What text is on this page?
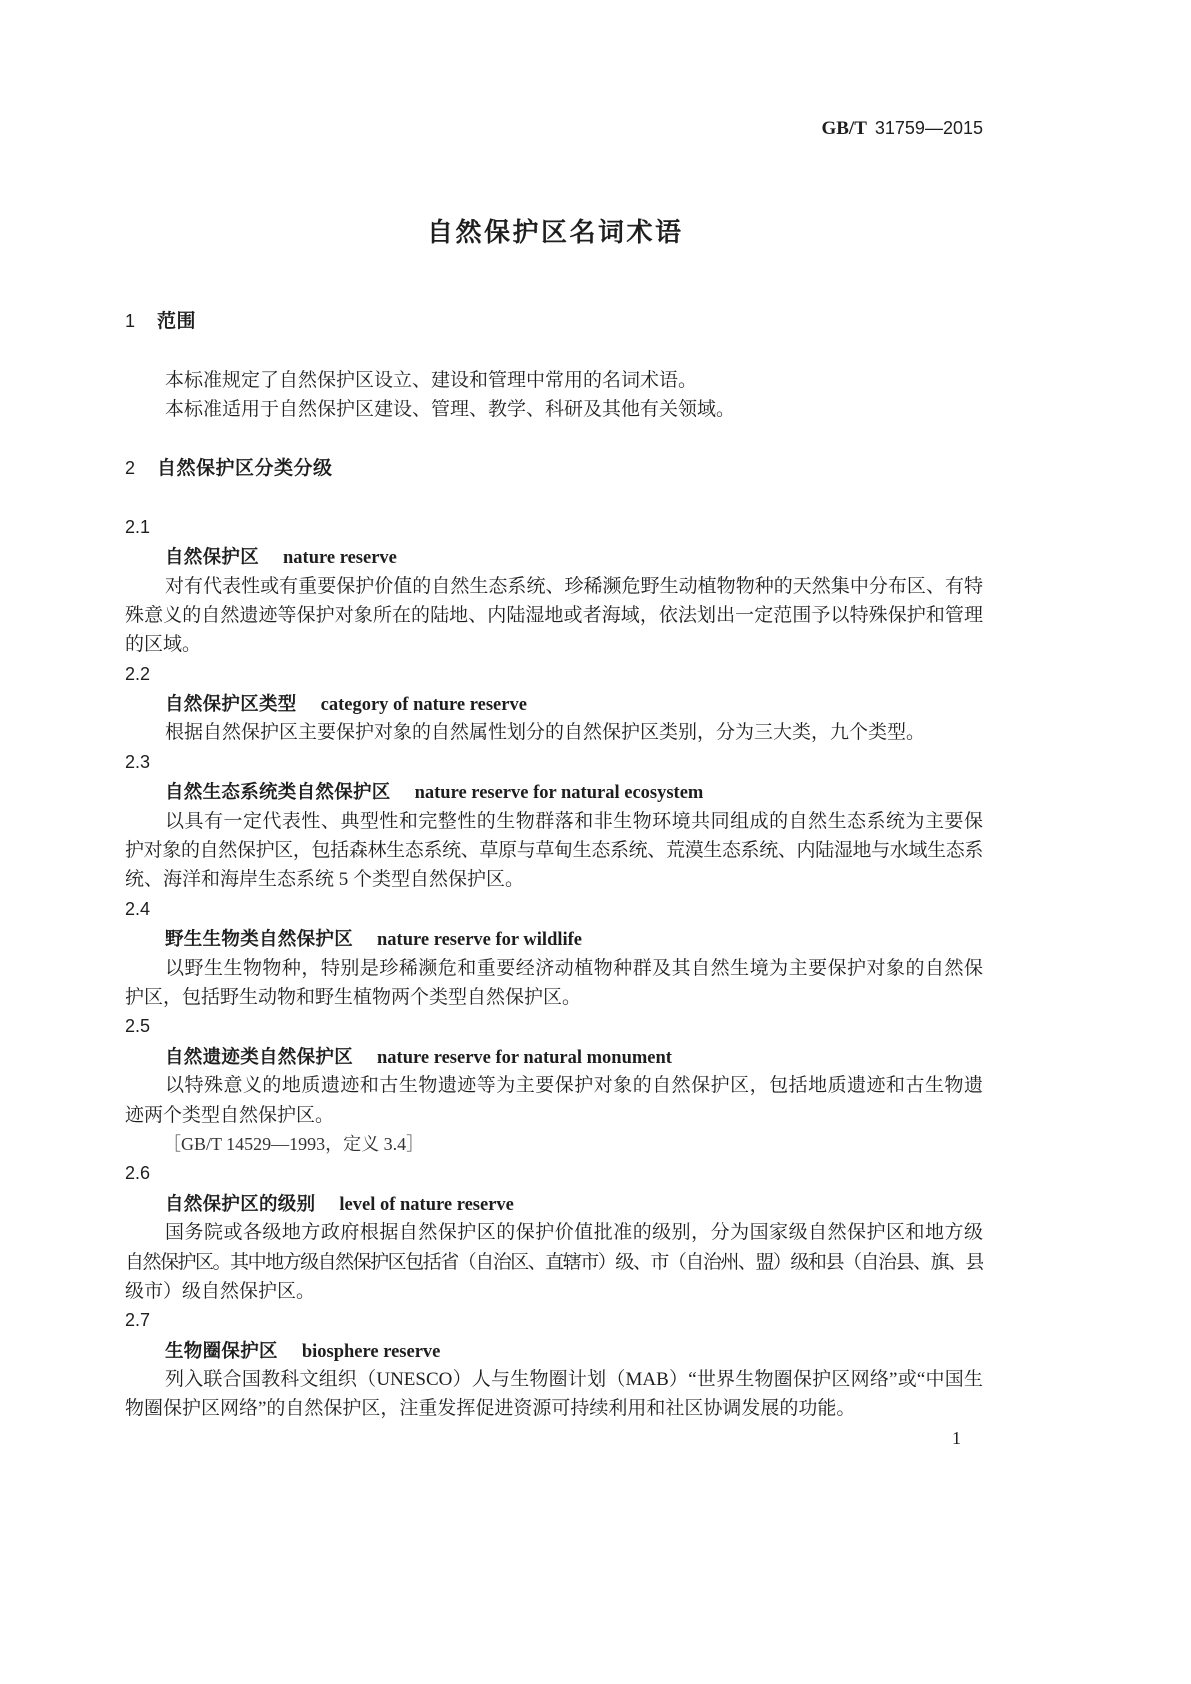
GB/T 31759—2015
自然保护区名词术语
1 范围
本标准规定了自然保护区设立、建设和管理中常用的名词术语。
本标准适用于自然保护区建设、管理、教学、科研及其他有关领域。
2 自然保护区分类分级
2.1
自然保护区 nature reserve
对有代表性或有重要保护价值的自然生态系统、珍稀濒危野生动植物物种的天然集中分布区、有特
殊意义的自然遗迹等保护对象所在的陆地、内陆湿地或者海域，依法划出一定范围予以特殊保护和管理
的区域。
2.2
自然保护区类型 category of nature reserve
根据自然保护区主要保护对象的自然属性划分的自然保护区类别，分为三大类，九个类型。
2.3
自然生态系统类自然保护区 nature reserve for natural ecosystem
以具有一定代表性、典型性和完整性的生物群落和非生物环境共同组成的自然生态系统为主要保
护对象的自然保护区，包括森林生态系统、草原与草甸生态系统、荒漠生态系统、内陆湿地与水域生态系
统、海洋和海岸生态系统 5 个类型自然保护区。
2.4
野生生物类自然保护区 nature reserve for wildlife
以野生生物物种，特别是珍稀濒危和重要经济动植物种群及其自然生境为主要保护对象的自然保
护区，包括野生动物和野生植物两个类型自然保护区。
2.5
自然遗迹类自然保护区 nature reserve for natural monument
以特殊意义的地质遗迹和古生物遗迹等为主要保护对象的自然保护区，包括地质遗迹和古生物遗
迹两个类型自然保护区。
［GB/T 14529—1993，定义 3.4］
2.6
自然保护区的级别 level of nature reserve
国务院或各级地方政府根据自然保护区的保护价值批准的级别，分为国家级自然保护区和地方级
自然保护区。其中地方级自然保护区包括省（自治区、直辖市）级、市（自治州、盟）级和县（自治县、旗、县
级市）级自然保护区。
2.7
生物圈保护区 biosphere reserve
列入联合国教科文组织（UNESCO）人与生物圈计划（MAB）“世界生物圈保护区网络”或“中国生
物圈保护区网络”的自然保护区，注重发挥促进资源可持续利用和社区协调发展的功能。
1
